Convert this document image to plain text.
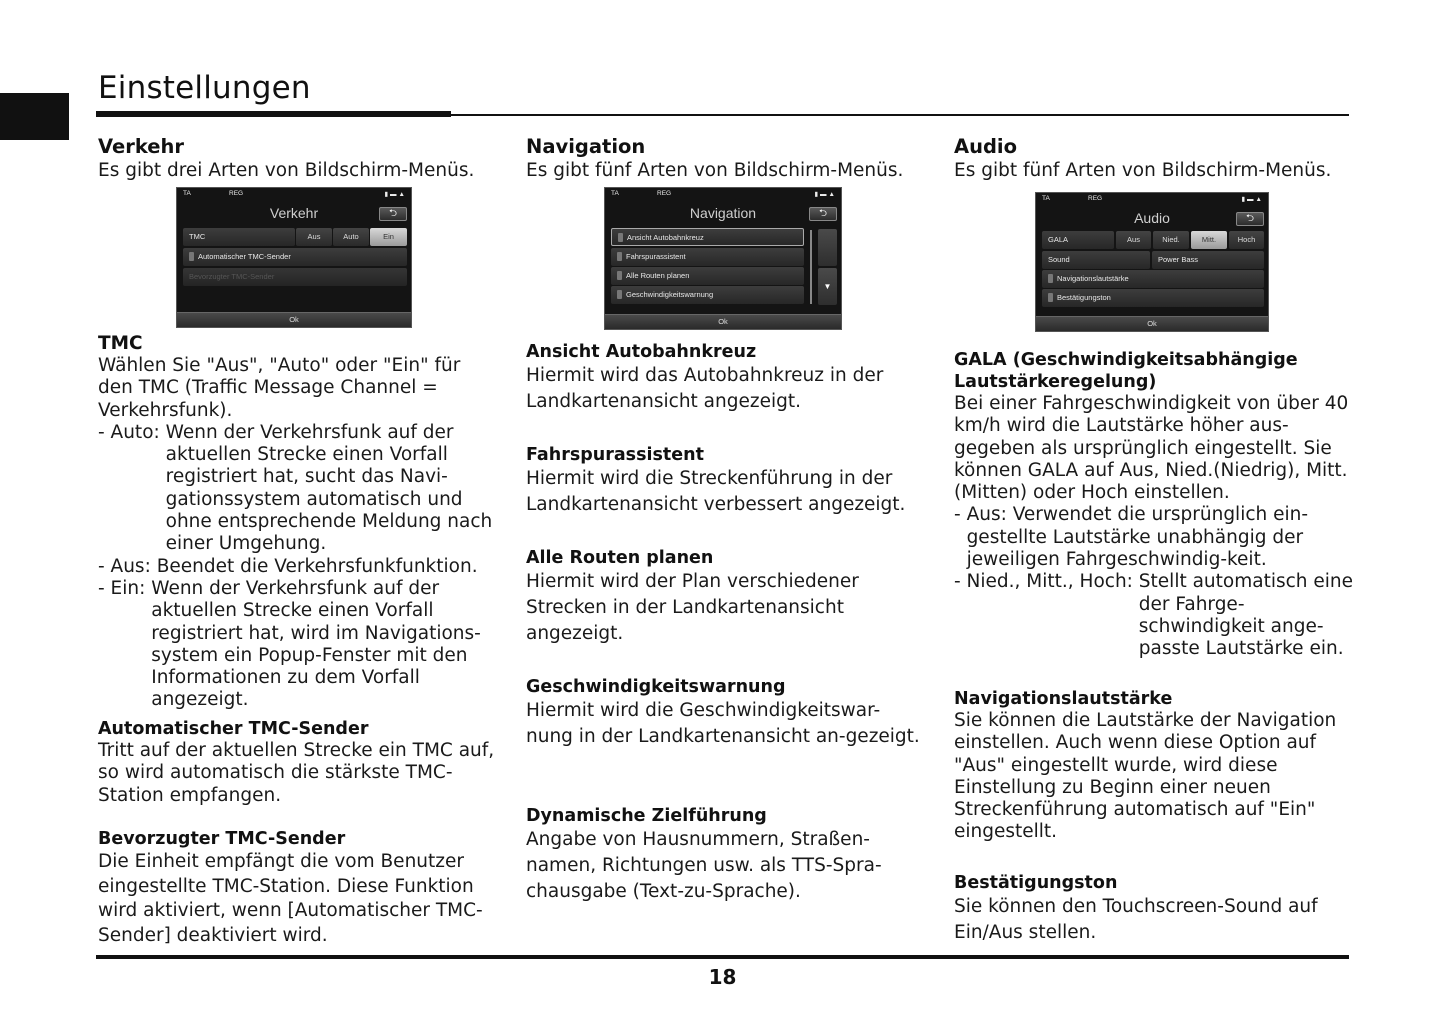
Einstellungen
Verkehr
Es gibt drei Arten von Bildschirm-Menüs.
TA	REG	▮▬▲
Verkehr	⮌
TMC	Aus	Auto	Ein
Automatischer TMC-Sender
Bevorzugter TMC-Sender
Ok
TMC
Wählen Sie "Aus", "Auto" oder "Ein" für den TMC (Traffic Message Channel = Verkehrsfunk).
- Auto: Wenn der Verkehrsfunk auf der aktuellen Strecke einen Vorfall registriert hat, sucht das Navi-gationssystem automatisch und ohne entsprechende Meldung nach einer Umgehung.
- Aus: Beendet die Verkehrsfunkfunktion.
- Ein: Wenn der Verkehrsfunk auf der aktuellen Strecke einen Vorfall registriert hat, wird im Navigations-system ein Popup-Fenster mit den Informationen zu dem Vorfall angezeigt.
Automatischer TMC-Sender
Tritt auf der aktuellen Strecke ein TMC auf, so wird automatisch die stärkste TMC-Station empfangen.
Bevorzugter TMC-Sender
Die Einheit empfängt die vom Benutzer eingestellte TMC-Station. Diese Funktion wird aktiviert, wenn [Automatischer TMC-Sender] deaktiviert wird.
Navigation
Es gibt fünf Arten von Bildschirm-Menüs.
TA	REG	▮▬▲
Navigation	⮌
Ansicht Autobahnkreuz
Fahrspurassistent
Alle Routen planen
Geschwindigkeitswarnung
▼
Ok
Ansicht Autobahnkreuz
Hiermit wird das Autobahnkreuz in der Landkartenansicht angezeigt.
Fahrspurassistent
Hiermit wird die Streckenführung in der Landkartenansicht verbessert angezeigt.
Alle Routen planen
Hiermit wird der Plan verschiedener Strecken in der Landkartenansicht angezeigt.
Geschwindigkeitswarnung
Hiermit wird die Geschwindigkeitswar-nung in der Landkartenansicht an-gezeigt.
Dynamische Zielführung
Angabe von Hausnummern, Straßen-namen, Richtungen usw. als TTS-Spra-chausgabe (Text-zu-Sprache).
Audio
Es gibt fünf Arten von Bildschirm-Menüs.
TA	REG	▮▬▲
Audio	⮌
GALA	Aus	Nied.	Mitt.	Hoch
Sound	Power Bass
Navigationslautstärke
Bestätigungston
Ok
GALA (Geschwindigkeitsabhängige Lautstärkeregelung)
Bei einer Fahrgeschwindigkeit von über 40 km/h wird die Lautstärke höher aus-gegeben als ursprünglich eingestellt. Sie können GALA auf Aus, Nied.(Niedrig), Mitt.(Mitten) oder Hoch einstellen.
- Aus: Verwendet die ursprünglich ein-gestellte Lautstärke unabhängig der jeweiligen Fahrgeschwindig-keit.
- Nied., Mitt., Hoch: Stellt automatisch eine der Fahrge-schwindigkeit ange-passte Lautstärke ein.
Navigationslautstärke
Sie können die Lautstärke der Navigation einstellen. Auch wenn diese Option auf "Aus" eingestellt wurde, wird diese Einstellung zu Beginn einer neuen Streckenführung automatisch auf "Ein" eingestellt.
Bestätigungston
Sie können den Touchscreen-Sound auf Ein/Aus stellen.
18
